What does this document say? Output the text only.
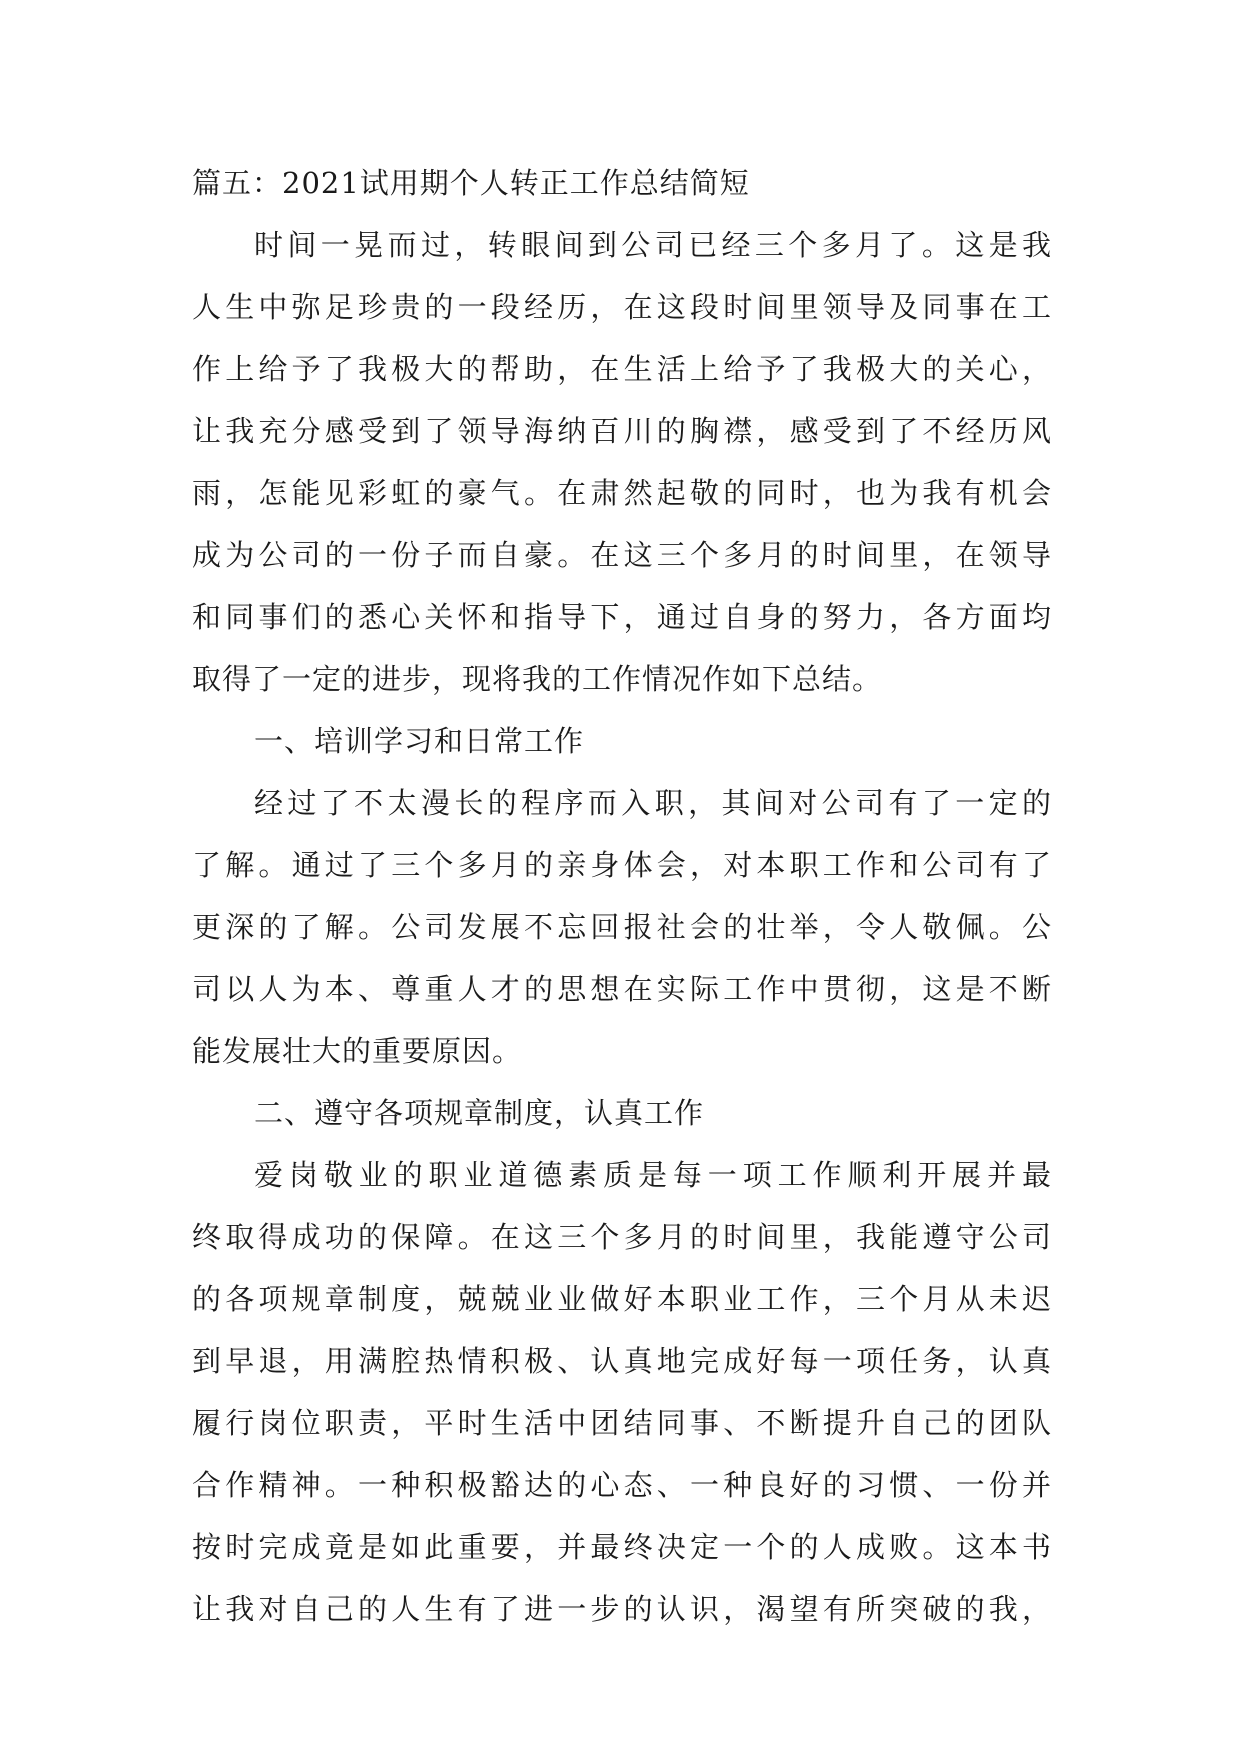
篇五：2021试用期个人转正工作总结简短
时间一晃而过，转眼间到公司已经三个多月了。这是我
人生中弥足珍贵的一段经历，在这段时间里领导及同事在工
作上给予了我极大的帮助，在生活上给予了我极大的关心，
让我充分感受到了领导海纳百川的胸襟，感受到了不经历风
雨，怎能见彩虹的豪气。在肃然起敬的同时，也为我有机会
成为公司的一份子而自豪。在这三个多月的时间里，在领导
和同事们的悉心关怀和指导下，通过自身的努力，各方面均
取得了一定的进步，现将我的工作情况作如下总结。
一、培训学习和日常工作
经过了不太漫长的程序而入职，其间对公司有了一定的
了解。通过了三个多月的亲身体会，对本职工作和公司有了
更深的了解。公司发展不忘回报社会的壮举，令人敬佩。公
司以人为本、尊重人才的思想在实际工作中贯彻，这是不断
能发展壮大的重要原因。
二、遵守各项规章制度，认真工作
爱岗敬业的职业道德素质是每一项工作顺利开展并最
终取得成功的保障。在这三个多月的时间里，我能遵守公司
的各项规章制度，兢兢业业做好本职业工作，三个月从未迟
到早退，用满腔热情积极、认真地完成好每一项任务，认真
履行岗位职责，平时生活中团结同事、不断提升自己的团队
合作精神。一种积极豁达的心态、一种良好的习惯、一份并
按时完成竟是如此重要，并最终决定一个的人成败。这本书
让我对自己的人生有了进一步的认识，渴望有所突破的我，
